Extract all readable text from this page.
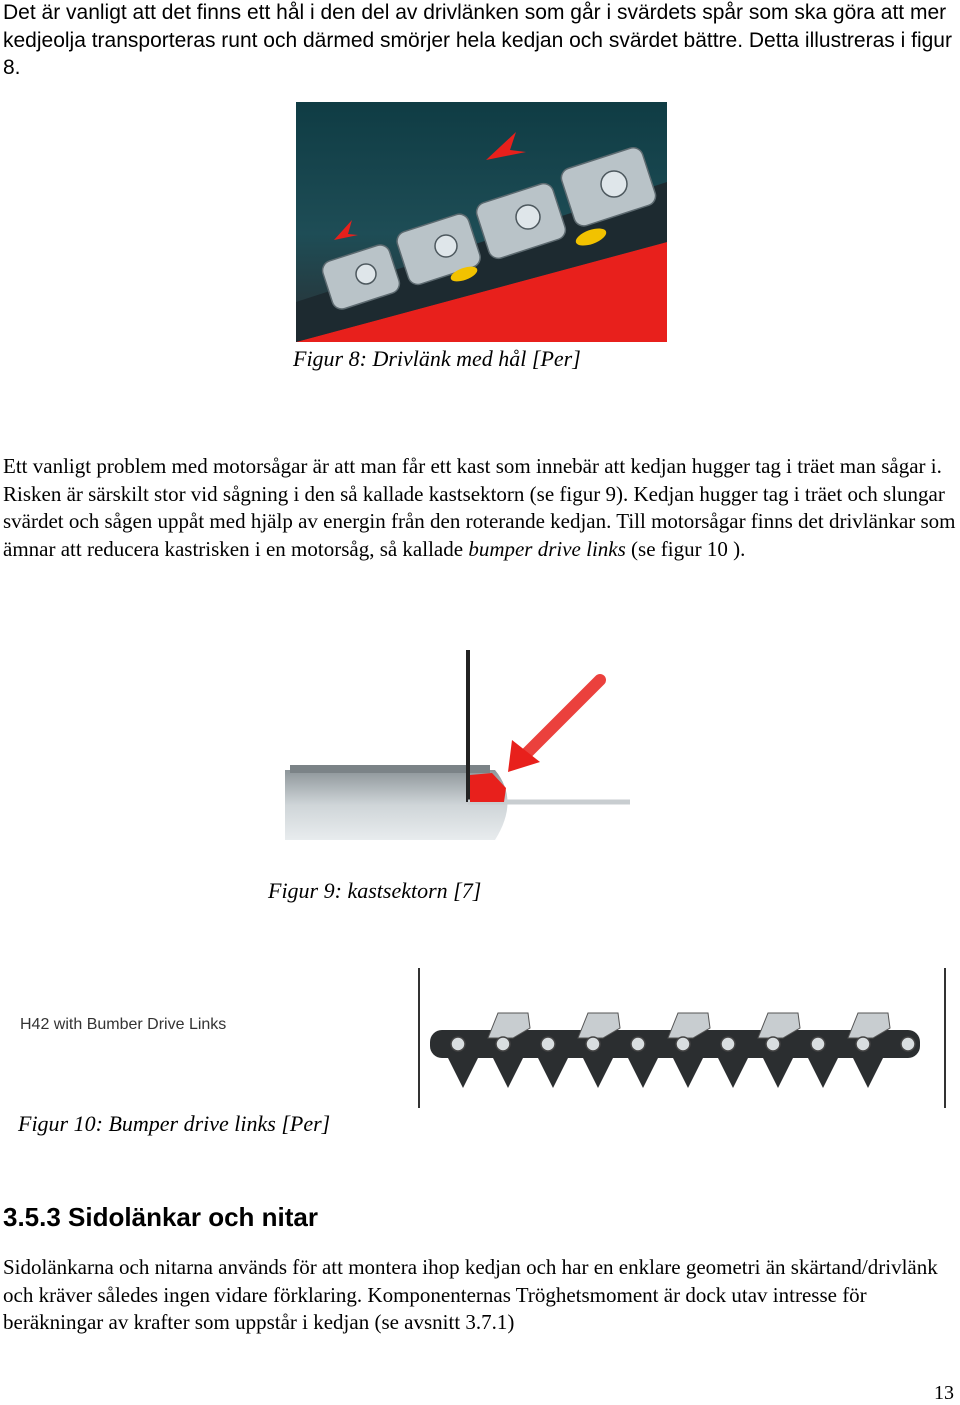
Det är vanligt att det finns ett hål i den del av drivlänken som går i svärdets spår som ska göra att mer kedjeolja transporteras runt och därmed smörjer hela kedjan och svärdet bättre. Detta illustreras i figur 8.

Figur 8: Drivlänk med hål [Per]

Ett vanligt problem med motorsågar är att man får ett kast som innebär att kedjan hugger tag i träet man sågar i. Risken är särskilt stor vid sågning i den så kallade kastsektorn (se figur 9). Kedjan hugger tag i träet och slungar svärdet och sågen uppåt med hjälp av energin från den roterande kedjan. Till motorsågar finns det drivlänkar som ämnar att reducera kastrisken i en motorsåg, så kallade bumper drive links (se figur 10 ).

Figur 9: kastsektorn [7]

H42 with Bumber Drive Links

Figur 10: Bumper drive links [Per]

3.5.3 Sidolänkar och nitar

Sidolänkarna och nitarna används för att montera ihop kedjan och har en enklare geometri än skärtand/drivlänk och kräver således ingen vidare förklaring. Komponenternas Tröghetsmoment är dock utav intresse för beräkningar av krafter som uppstår i kedjan (se avsnitt 3.7.1)

13
